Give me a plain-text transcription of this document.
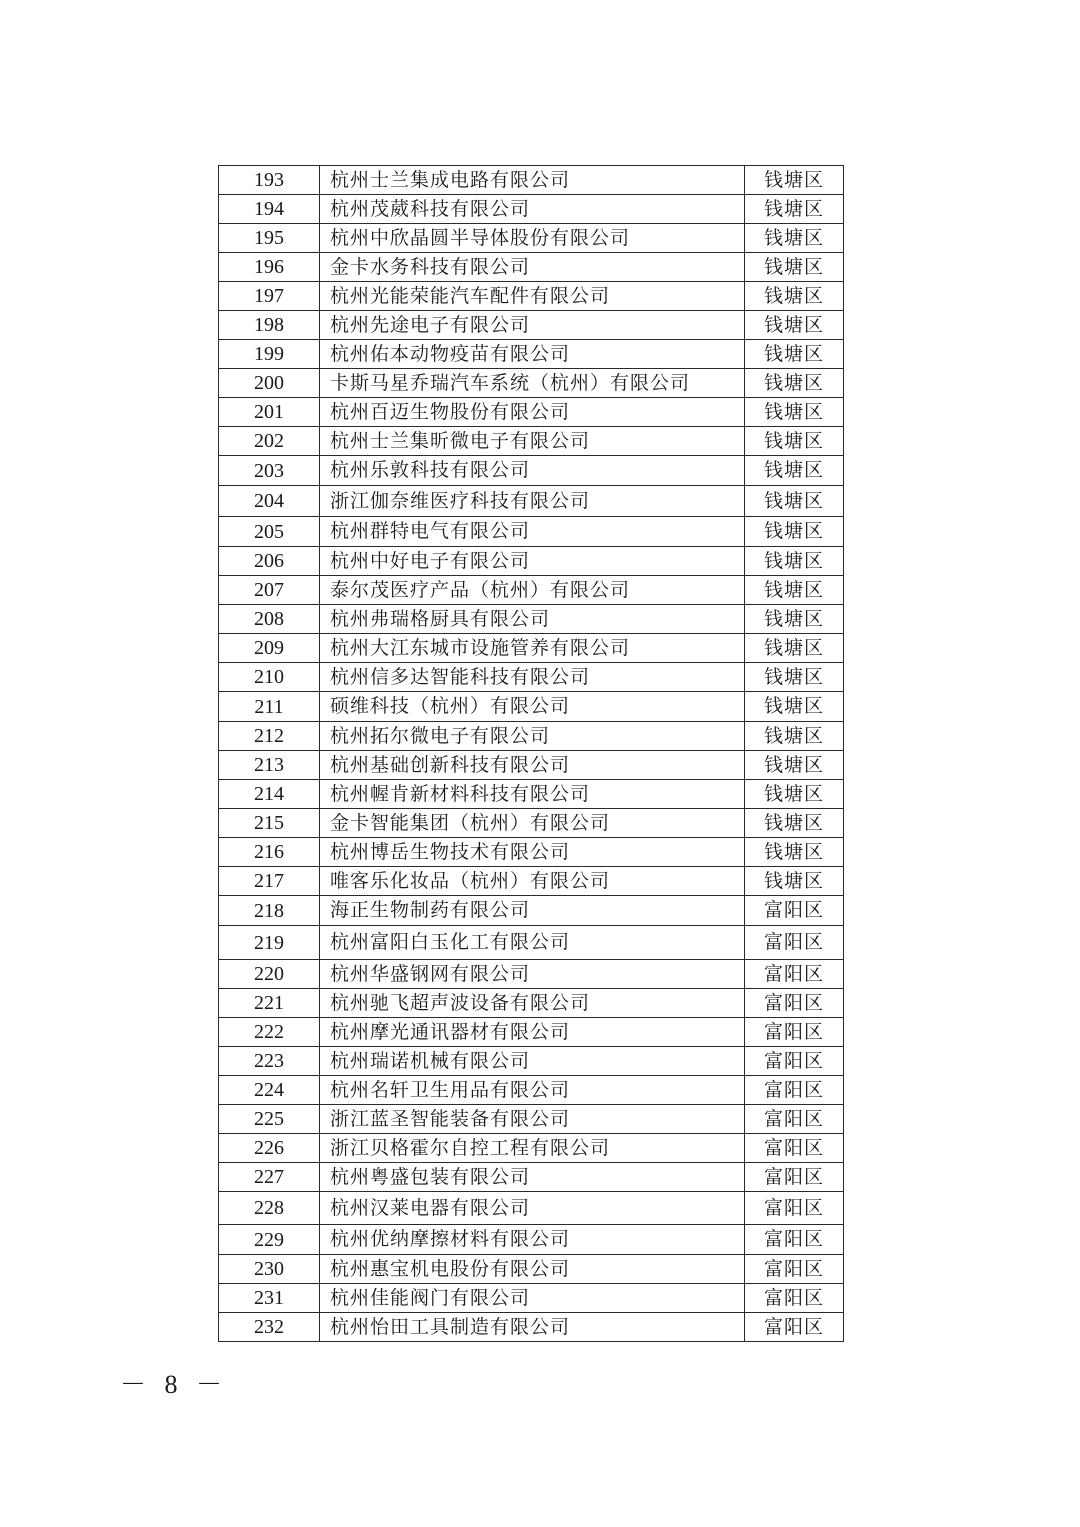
193	杭州士兰集成电路有限公司	钱塘区
194	杭州茂葳科技有限公司	钱塘区
195	杭州中欣晶圆半导体股份有限公司	钱塘区
196	金卡水务科技有限公司	钱塘区
197	杭州光能荣能汽车配件有限公司	钱塘区
198	杭州先途电子有限公司	钱塘区
199	杭州佑本动物疫苗有限公司	钱塘区
200	卡斯马星乔瑞汽车系统（杭州）有限公司	钱塘区
201	杭州百迈生物股份有限公司	钱塘区
202	杭州士兰集昕微电子有限公司	钱塘区
203	杭州乐敦科技有限公司	钱塘区
204	浙江伽奈维医疗科技有限公司	钱塘区
205	杭州群特电气有限公司	钱塘区
206	杭州中好电子有限公司	钱塘区
207	泰尔茂医疗产品（杭州）有限公司	钱塘区
208	杭州弗瑞格厨具有限公司	钱塘区
209	杭州大江东城市设施管养有限公司	钱塘区
210	杭州信多达智能科技有限公司	钱塘区
211	硕维科技（杭州）有限公司	钱塘区
212	杭州拓尔微电子有限公司	钱塘区
213	杭州基础创新科技有限公司	钱塘区
214	杭州幄肯新材料科技有限公司	钱塘区
215	金卡智能集团（杭州）有限公司	钱塘区
216	杭州博岳生物技术有限公司	钱塘区
217	唯客乐化妆品（杭州）有限公司	钱塘区
218	海正生物制药有限公司	富阳区
219	杭州富阳白玉化工有限公司	富阳区
220	杭州华盛钢网有限公司	富阳区
221	杭州驰飞超声波设备有限公司	富阳区
222	杭州摩光通讯器材有限公司	富阳区
223	杭州瑞诺机械有限公司	富阳区
224	杭州名轩卫生用品有限公司	富阳区
225	浙江蓝圣智能装备有限公司	富阳区
226	浙江贝格霍尔自控工程有限公司	富阳区
227	杭州粤盛包装有限公司	富阳区
228	杭州汉莱电器有限公司	富阳区
229	杭州优纳摩擦材料有限公司	富阳区
230	杭州惠宝机电股份有限公司	富阳区
231	杭州佳能阀门有限公司	富阳区
232	杭州怡田工具制造有限公司	富阳区
－ 8 －
